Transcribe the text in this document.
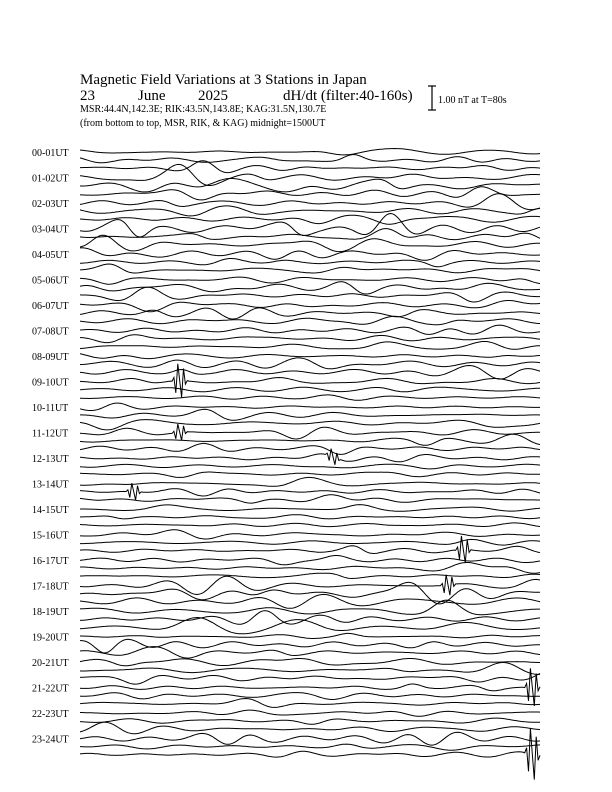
Magnetic Field Variations at 3 Stations in Japan
23	June 2025	dH/dt (filter:40-160s)
MSR:44.4N,142.3E; RIK:43.5N,143.8E; KAG:31.5N,130.7E
(from bottom to top, MSR, RIK, & KAG) midnight=1500UT
1.00 nT at T=80s
00-01UT
01-02UT
02-03UT
03-04UT
04-05UT
05-06UT
06-07UT
07-08UT
08-09UT
09-10UT
10-11UT
11-12UT
12-13UT
13-14UT
14-15UT
15-16UT
16-17UT
17-18UT
18-19UT
19-20UT
20-21UT
21-22UT
22-23UT
23-24UT
